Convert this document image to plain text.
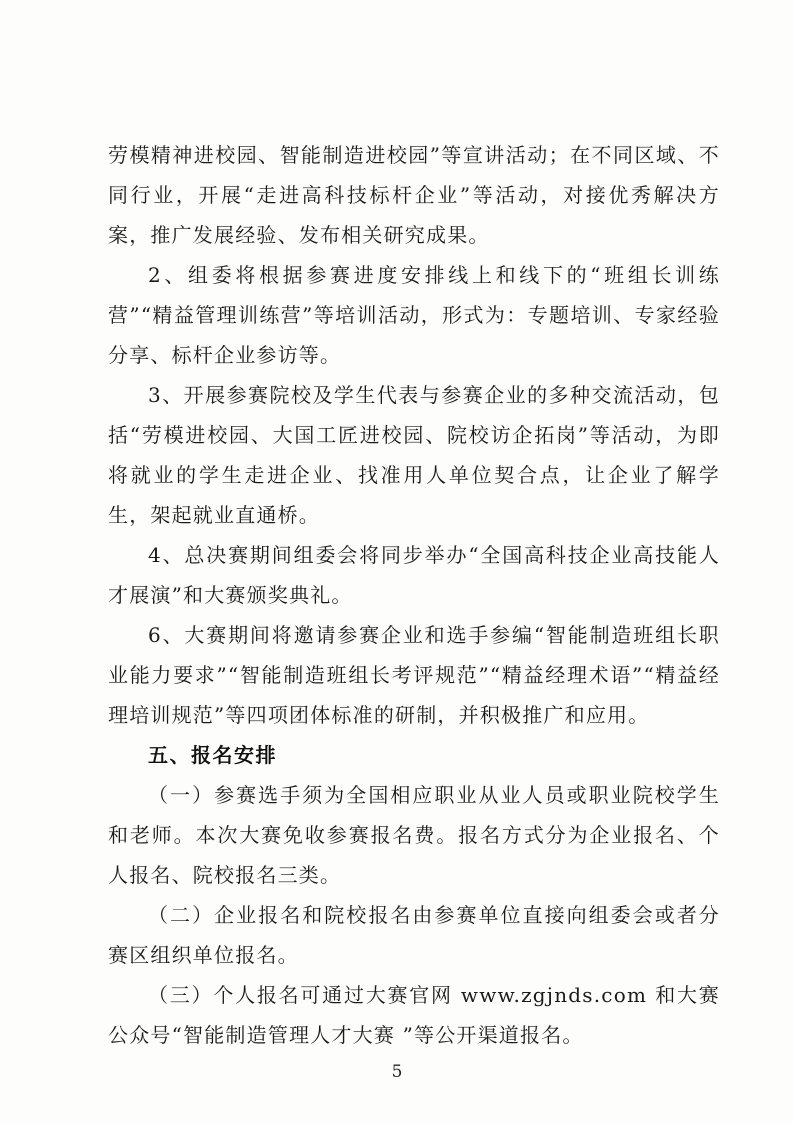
劳模精神进校园、智能制造进校园”等宣讲活动；在不同区域、不同行业，开展“走进高科技标杆企业”等活动，对接优秀解决方案，推广发展经验、发布相关研究成果。

2、组委将根据参赛进度安排线上和线下的“班组长训练营”“精益管理训练营”等培训活动，形式为：专题培训、专家经验分享、标杆企业参访等。

3、开展参赛院校及学生代表与参赛企业的多种交流活动，包括“劳模进校园、大国工匠进校园、院校访企拓岗”等活动，为即将就业的学生走进企业、找准用人单位契合点，让企业了解学生，架起就业直通桥。

4、总决赛期间组委会将同步举办“全国高科技企业高技能人才展演”和大赛颁奖典礼。

6、大赛期间将邀请参赛企业和选手参编“智能制造班组长职业能力要求”“智能制造班组长考评规范”“精益经理术语”“精益经理培训规范”等四项团体标准的研制，并积极推广和应用。

五、报名安排

（一）参赛选手须为全国相应职业从业人员或职业院校学生和老师。本次大赛免收参赛报名费。报名方式分为企业报名、个人报名、院校报名三类。

（二）企业报名和院校报名由参赛单位直接向组委会或者分赛区组织单位报名。

（三）个人报名可通过大赛官网 www.zgjnds.com 和大赛公众号“智能制造管理人才大赛 ”等公开渠道报名。

5
